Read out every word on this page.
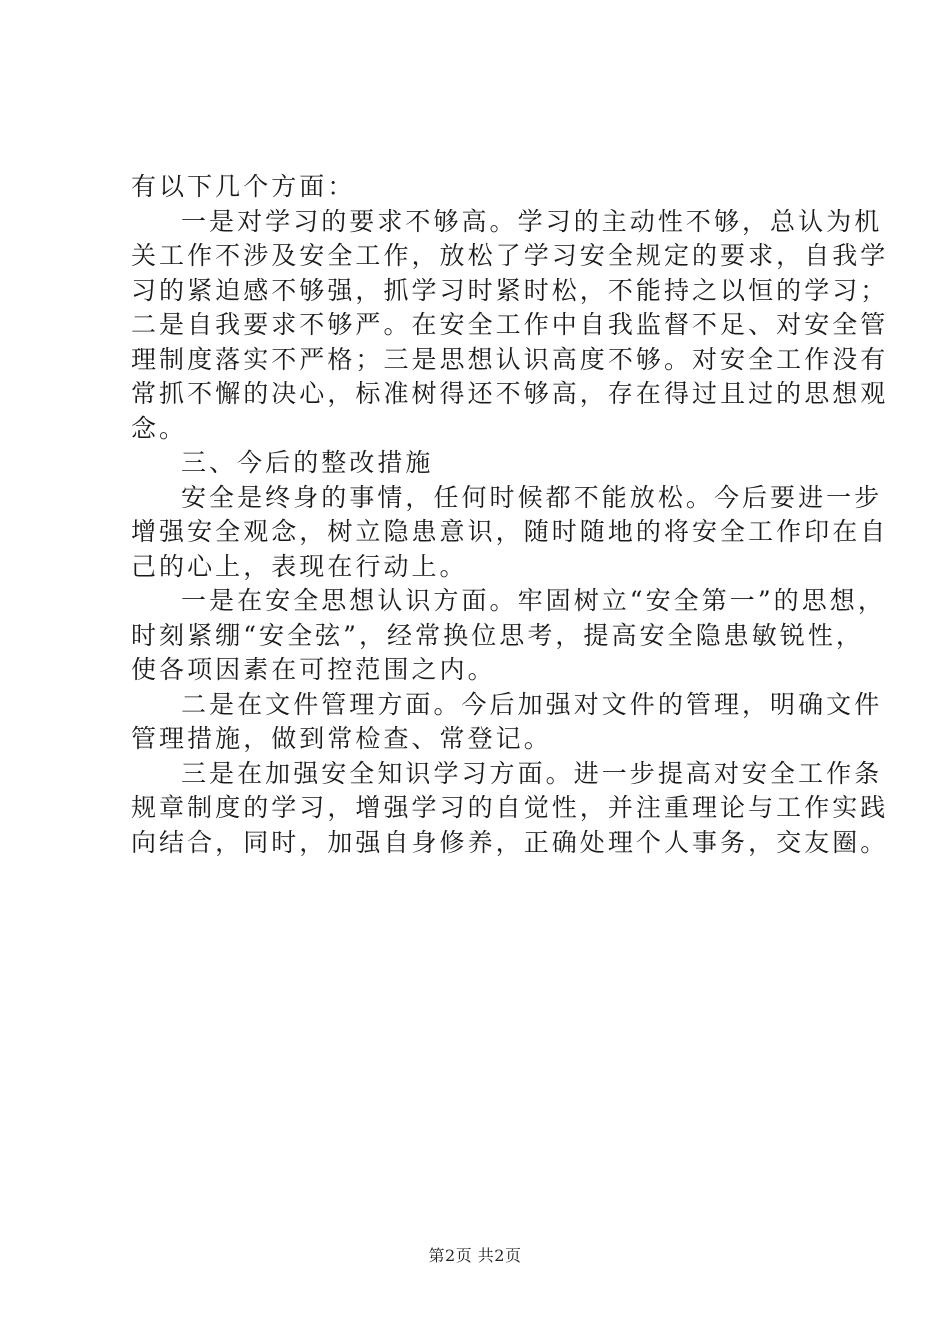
有以下几个方面：
一是对学习的要求不够高。学习的主动性不够，总认为机
关工作不涉及安全工作，放松了学习安全规定的要求，自我学
习的紧迫感不够强，抓学习时紧时松，不能持之以恒的学习；
二是自我要求不够严。在安全工作中自我监督不足、对安全管
理制度落实不严格；三是思想认识高度不够。对安全工作没有
常抓不懈的决心，标准树得还不够高，存在得过且过的思想观
念。
三、今后的整改措施
安全是终身的事情，任何时候都不能放松。今后要进一步
增强安全观念，树立隐患意识，随时随地的将安全工作印在自
己的心上，表现在行动上。
一是在安全思想认识方面。牢固树立“安全第一”的思想，
时刻紧绷“安全弦”，经常换位思考，提高安全隐患敏锐性，
使各项因素在可控范围之内。
二是在文件管理方面。今后加强对文件的管理，明确文件
管理措施，做到常检查、常登记。
三是在加强安全知识学习方面。进一步提高对安全工作条
规章制度的学习，增强学习的自觉性，并注重理论与工作实践
向结合，同时，加强自身修养，正确处理个人事务，交友圈。
第2页 共2页
